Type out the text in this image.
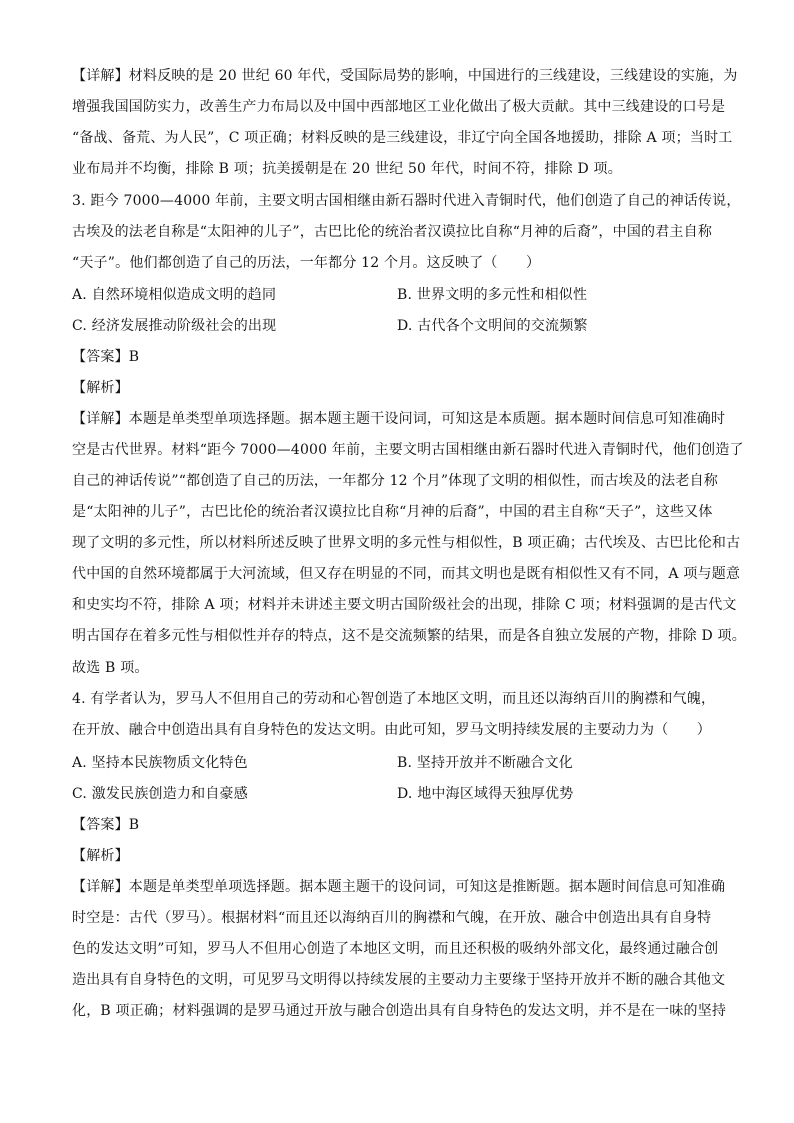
【详解】材料反映的是 20 世纪 60 年代，受国际局势的影响，中国进行的三线建设，三线建设的实施，为
增强我国国防实力，改善生产力布局以及中国中西部地区工业化做出了极大贡献。其中三线建设的口号是
“备战、备荒、为人民”，C 项正确；材料反映的是三线建设，非辽宁向全国各地援助，排除 A 项；当时工
业布局并不均衡，排除 B 项；抗美援朝是在 20 世纪 50 年代，时间不符，排除 D 项。
3. 距今 7000—4000 年前，主要文明古国相继由新石器时代进入青铜时代，他们创造了自己的神话传说，
古埃及的法老自称是“太阳神的儿子”，古巴比伦的统治者汉谟拉比自称“月神的后裔”，中国的君主自称
“天子”。他们都创造了自己的历法，一年都分 12 个月。这反映了（　　）
A. 自然环境相似造成文明的趋同	B. 世界文明的多元性和相似性
C. 经济发展推动阶级社会的出现	D. 古代各个文明间的交流频繁
【答案】B
【解析】
【详解】本题是单类型单项选择题。据本题主题干设问词，可知这是本质题。据本题时间信息可知准确时
空是古代世界。材料“距今 7000—4000 年前，主要文明古国相继由新石器时代进入青铜时代，他们创造了
自己的神话传说”“都创造了自己的历法，一年都分 12 个月”体现了文明的相似性，而古埃及的法老自称
是“太阳神的儿子”，古巴比伦的统治者汉谟拉比自称“月神的后裔”，中国的君主自称“天子”，这些又体
现了文明的多元性，所以材料所述反映了世界文明的多元性与相似性，B 项正确；古代埃及、古巴比伦和古
代中国的自然环境都属于大河流域，但又存在明显的不同，而其文明也是既有相似性又有不同，A 项与题意
和史实均不符，排除 A 项；材料并未讲述主要文明古国阶级社会的出现，排除 C 项；材料强调的是古代文
明古国存在着多元性与相似性并存的特点，这不是交流频繁的结果，而是各自独立发展的产物，排除 D 项。
故选 B 项。
4. 有学者认为，罗马人不但用自己的劳动和心智创造了本地区文明，而且还以海纳百川的胸襟和气魄，
在开放、融合中创造出具有自身特色的发达文明。由此可知，罗马文明持续发展的主要动力为（　　）
A. 坚持本民族物质文化特色	B. 坚持开放并不断融合文化
C. 激发民族创造力和自豪感	D. 地中海区域得天独厚优势
【答案】B
【解析】
【详解】本题是单类型单项选择题。据本题主题干的设问词，可知这是推断题。据本题时间信息可知准确
时空是：古代（罗马）。根据材料“而且还以海纳百川的胸襟和气魄，在开放、融合中创造出具有自身特
色的发达文明”可知，罗马人不但用心创造了本地区文明，而且还积极的吸纳外部文化，最终通过融合创
造出具有自身特色的文明，可见罗马文明得以持续发展的主要动力主要缘于坚持开放并不断的融合其他文
化，B 项正确；材料强调的是罗马通过开放与融合创造出具有自身特色的发达文明，并不是在一味的坚持
